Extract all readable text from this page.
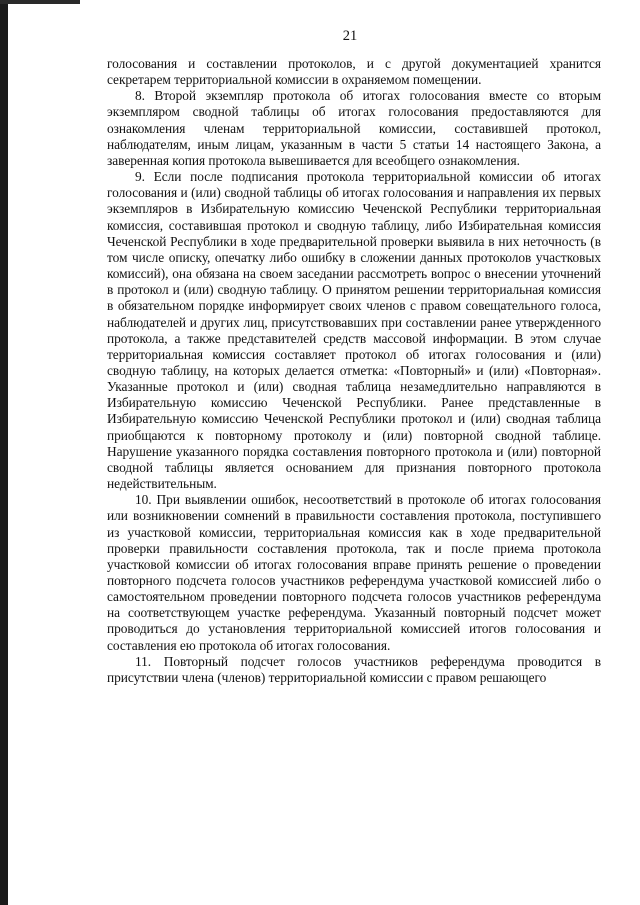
21

голосования и составлении протоколов, и с другой документацией хранится секретарем территориальной комиссии в охраняемом помещении.

8. Второй экземпляр протокола об итогах голосования вместе со вторым экземпляром сводной таблицы об итогах голосования предоставляются для ознакомления членам территориальной комиссии, составившей протокол, наблюдателям, иным лицам, указанным в части 5 статьи 14 настоящего Закона, а заверенная копия протокола вывешивается для всеобщего ознакомления.

9. Если после подписания протокола территориальной комиссии об итогах голосования и (или) сводной таблицы об итогах голосования и направления их первых экземпляров в Избирательную комиссию Чеченской Республики территориальная комиссия, составившая протокол и сводную таблицу, либо Избирательная комиссия Чеченской Республики в ходе предварительной проверки выявила в них неточность (в том числе описку, опечатку либо ошибку в сложении данных протоколов участковых комиссий), она обязана на своем заседании рассмотреть вопрос о внесении уточнений в протокол и (или) сводную таблицу. О принятом решении территориальная комиссия в обязательном порядке информирует своих членов с правом совещательного голоса, наблюдателей и других лиц, присутствовавших при составлении ранее утвержденного протокола, а также представителей средств массовой информации. В этом случае территориальная комиссия составляет протокол об итогах голосования и (или) сводную таблицу, на которых делается отметка: «Повторный» и (или) «Повторная». Указанные протокол и (или) сводная таблица незамедлительно направляются в Избирательную комиссию Чеченской Республики. Ранее представленные в Избирательную комиссию Чеченской Республики протокол и (или) сводная таблица приобщаются к повторному протоколу и (или) повторной сводной таблице. Нарушение указанного порядка составления повторного протокола и (или) повторной сводной таблицы является основанием для признания повторного протокола недействительным.

10. При выявлении ошибок, несоответствий в протоколе об итогах голосования или возникновении сомнений в правильности составления протокола, поступившего из участковой комиссии, территориальная комиссия как в ходе предварительной проверки правильности составления протокола, так и после приема протокола участковой комиссии об итогах голосования вправе принять решение о проведении повторного подсчета голосов участников референдума участковой комиссией либо о самостоятельном проведении повторного подсчета голосов участников референдума на соответствующем участке референдума. Указанный повторный подсчет может проводиться до установления территориальной комиссией итогов голосования и составления ею протокола об итогах голосования.

11. Повторный подсчет голосов участников референдума проводится в присутствии члена (членов) территориальной комиссии с правом решающего
